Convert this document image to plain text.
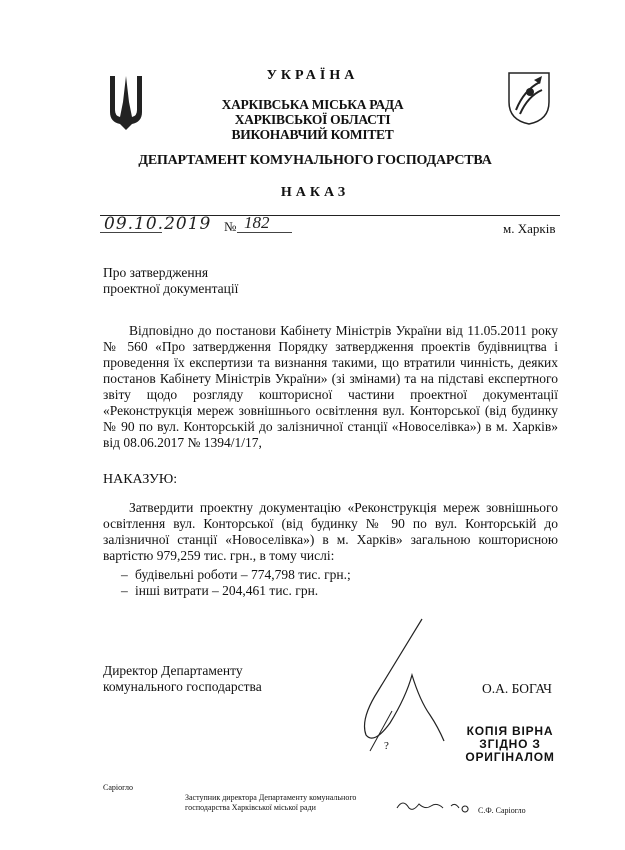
УКРАЇНА
ХАРКІВСЬКА МІСЬКА РАДА
ХАРКІВСЬКОЇ ОБЛАСТІ
ВИКОНАВЧИЙ КОМІТЕТ
ДЕПАРТАМЕНТ КОМУНАЛЬНОГО ГОСПОДАРСТВА
НАКАЗ
09.10.2019 № 182	м. Харків
Про затвердження
проектної документації
Відповідно до постанови Кабінету Міністрів України від 11.05.2011 року № 560 «Про затвердження Порядку затвердження проектів будівництва і проведення їх експертизи та визнання такими, що втратили чинність, деяких постанов Кабінету Міністрів України» (зі змінами) та на підставі експертного звіту щодо розгляду кошторисної частини проектної документації «Реконструкція мереж зовнішнього освітлення вул. Конторської (від будинку № 90 по вул. Конторській до залізничної станції «Новоселівка») в м. Харків» від 08.06.2017 № 1394/1/17,
НАКАЗУЮ:
Затвердити проектну документацію «Реконструкція мереж зовнішнього освітлення вул. Конторської (від будинку № 90 по вул. Конторській до залізничної станції «Новоселівка») в м. Харків» загальною кошторисною вартістю 979,259 тис. грн., в тому числі:
– будівельні роботи – 774,798 тис. грн.;
– інші витрати – 204,461 тис. грн.
Директор Департаменту
комунального господарства	О.А. БОГАЧ
?
КОПІЯ ВІРНА
ЗГІДНО З
ОРИГІНАЛОМ
Саріогло
Заступник директора Департаменту комунального
господарства Харківської міської ради	С.Ф. Саріогло
